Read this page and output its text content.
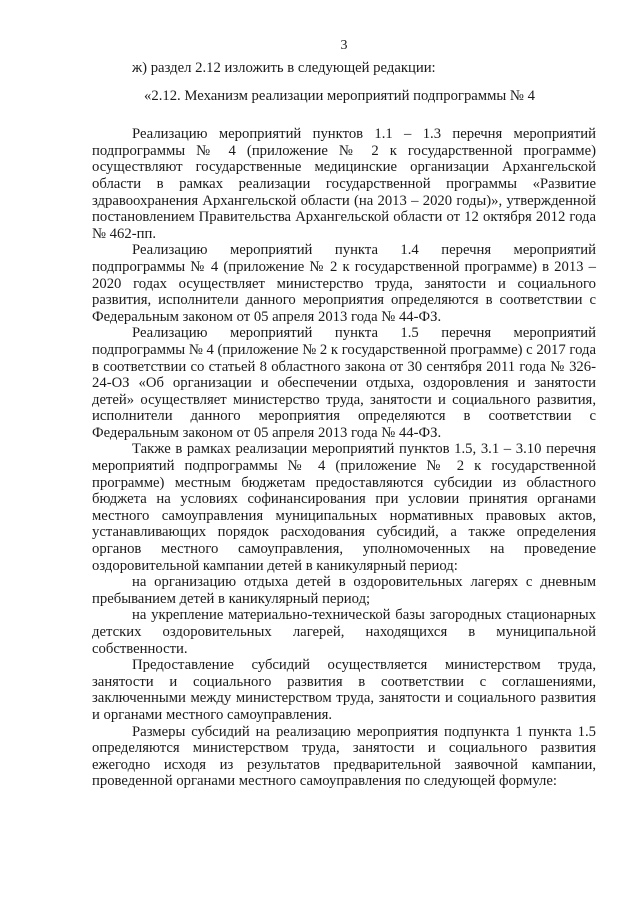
3

ж) раздел 2.12 изложить в следующей редакции:

«2.12. Механизм реализации мероприятий подпрограммы № 4

Реализацию мероприятий пунктов 1.1 – 1.3 перечня мероприятий подпрограммы № 4 (приложение № 2 к государственной программе) осуществляют государственные медицинские организации Архангельской области в рамках реализации государственной программы «Развитие здравоохранения Архангельской области (на 2013 – 2020 годы)», утвержденной постановлением Правительства Архангельской области от 12 октября 2012 года № 462-пп.

Реализацию мероприятий пункта 1.4 перечня мероприятий подпрограммы № 4 (приложение № 2 к государственной программе) в 2013 – 2020 годах осуществляет министерство труда, занятости и социального развития, исполнители данного мероприятия определяются в соответствии с Федеральным законом от 05 апреля 2013 года № 44-ФЗ.

Реализацию мероприятий пункта 1.5 перечня мероприятий подпрограммы № 4 (приложение № 2 к государственной программе) с 2017 года в соответствии со статьей 8 областного закона от 30 сентября 2011 года № 326-24-ОЗ «Об организации и обеспечении отдыха, оздоровления и занятости детей» осуществляет министерство труда, занятости и социального развития, исполнители данного мероприятия определяются в соответствии с Федеральным законом от 05 апреля 2013 года № 44-ФЗ.

Также в рамках реализации мероприятий пунктов 1.5, 3.1 – 3.10 перечня мероприятий подпрограммы № 4 (приложение № 2 к государственной программе) местным бюджетам предоставляются субсидии из областного бюджета на условиях софинансирования при условии принятия органами местного самоуправления муниципальных нормативных правовых актов, устанавливающих порядок расходования субсидий, а также определения органов местного самоуправления, уполномоченных на проведение оздоровительной кампании детей в каникулярный период:

на организацию отдыха детей в оздоровительных лагерях с дневным пребыванием детей в каникулярный период;

на укрепление материально-технической базы загородных стационарных детских оздоровительных лагерей, находящихся в муниципальной собственности.

Предоставление субсидий осуществляется министерством труда, занятости и социального развития в соответствии с соглашениями, заключенными между министерством труда, занятости и социального развития и органами местного самоуправления.

Размеры субсидий на реализацию мероприятия подпункта 1 пункта 1.5 определяются министерством труда, занятости и социального развития ежегодно исходя из результатов предварительной заявочной кампании, проведенной органами местного самоуправления по следующей формуле:
